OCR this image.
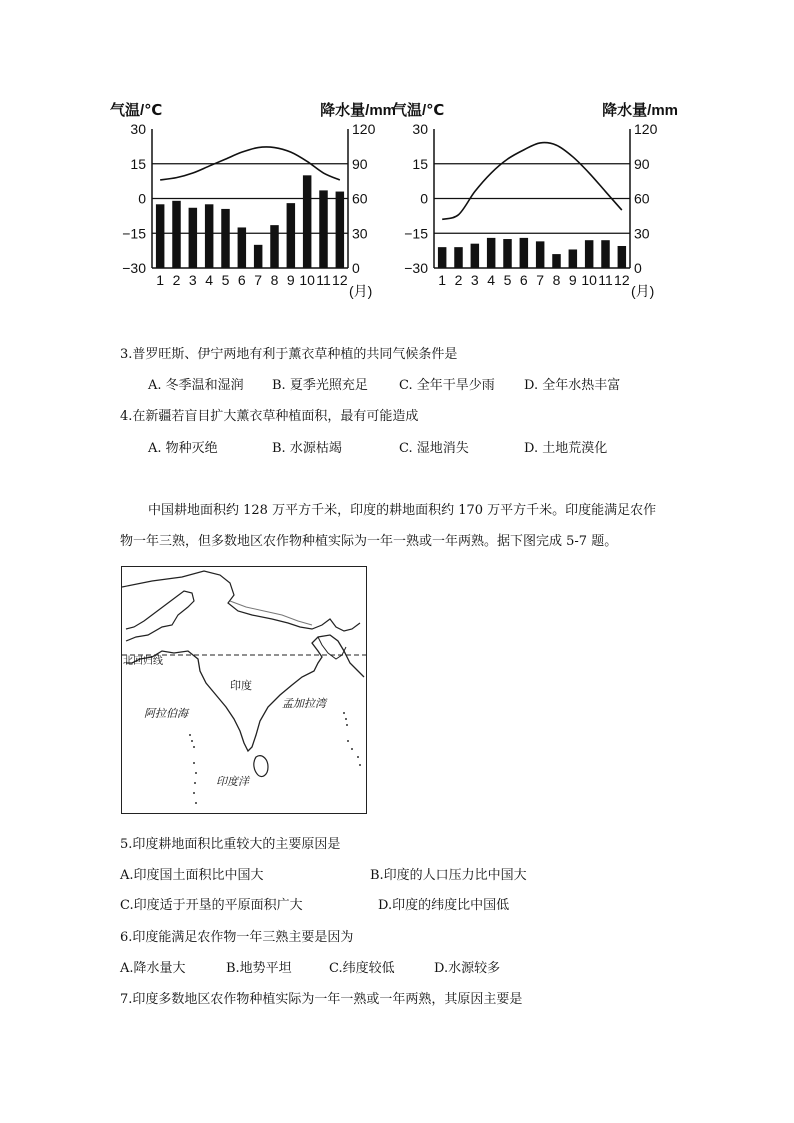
气温/℃	降水量/mm
30
15
0
−15
−30
120
90
60
30
0
1 2 3 4 5 6 7 8 9 10 11 12
(月)
气温/℃	降水量/mm
30
15
0
−15
−30
120
90
60
30
0
1 2 3 4 5 6 7 8 9 10 11 12
(月)
3.普罗旺斯、伊宁两地有利于薰衣草种植的共同气候条件是
A. 冬季温和湿润 B. 夏季光照充足 C. 全年干旱少雨 D. 全年水热丰富
4.在新疆若盲目扩大薰衣草种植面积，最有可能造成
A. 物种灭绝	B. 水源枯竭	C. 湿地消失	D. 土地荒漠化
中国耕地面积约 128 万平方千米，印度的耕地面积约 170 万平方千米。印度能满足农作
物一年三熟，但多数地区农作物种植实际为一年一熟或一年两熟。据下图完成 5-7 题。
北回归线
印度
阿拉伯海
孟加拉湾
印度洋
5.印度耕地面积比重较大的主要原因是
A.印度国土面积比中国大	B.印度的人口压力比中国大
C.印度适于开垦的平原面积广大	D.印度的纬度比中国低
6.印度能满足农作物一年三熟主要是因为
A.降水量大	B.地势平坦	C.纬度较低	D.水源较多
7.印度多数地区农作物种植实际为一年一熟或一年两熟，其原因主要是
